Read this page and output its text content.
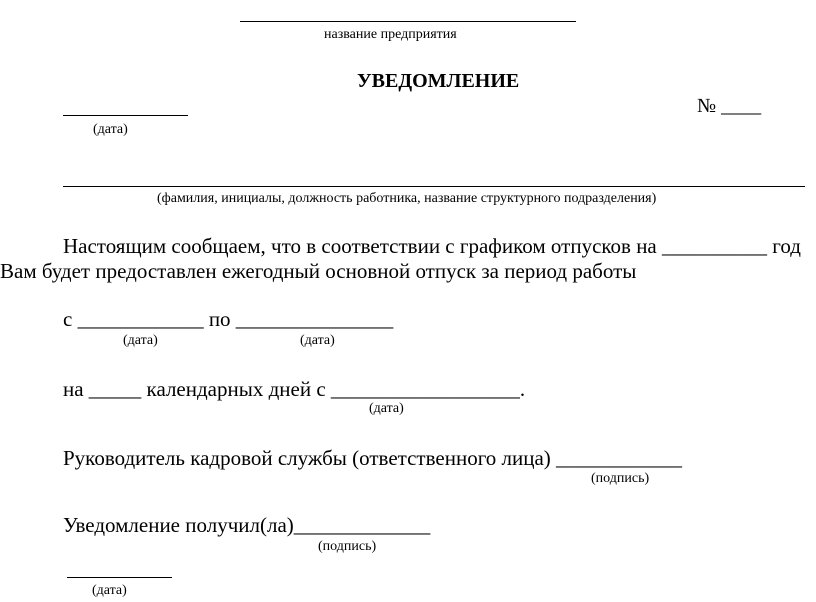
название предприятия
УВЕДОМЛЕНИЕ
(дата)
№ ____
(фамилия, инициалы, должность работника, название структурного подразделения)
Настоящим сообщаем, что в соответствии с графиком отпусков на __________ год
Вам будет предоставлен ежегодный основной отпуск за период работы
с ____________ по _______________
(дата)	(дата)
на _____ календарных дней с __________________.
(дата)
Руководитель кадровой службы (ответственного лица) ____________
(подпись)
Уведомление получил(ла)_____________
(подпись)
(дата)
